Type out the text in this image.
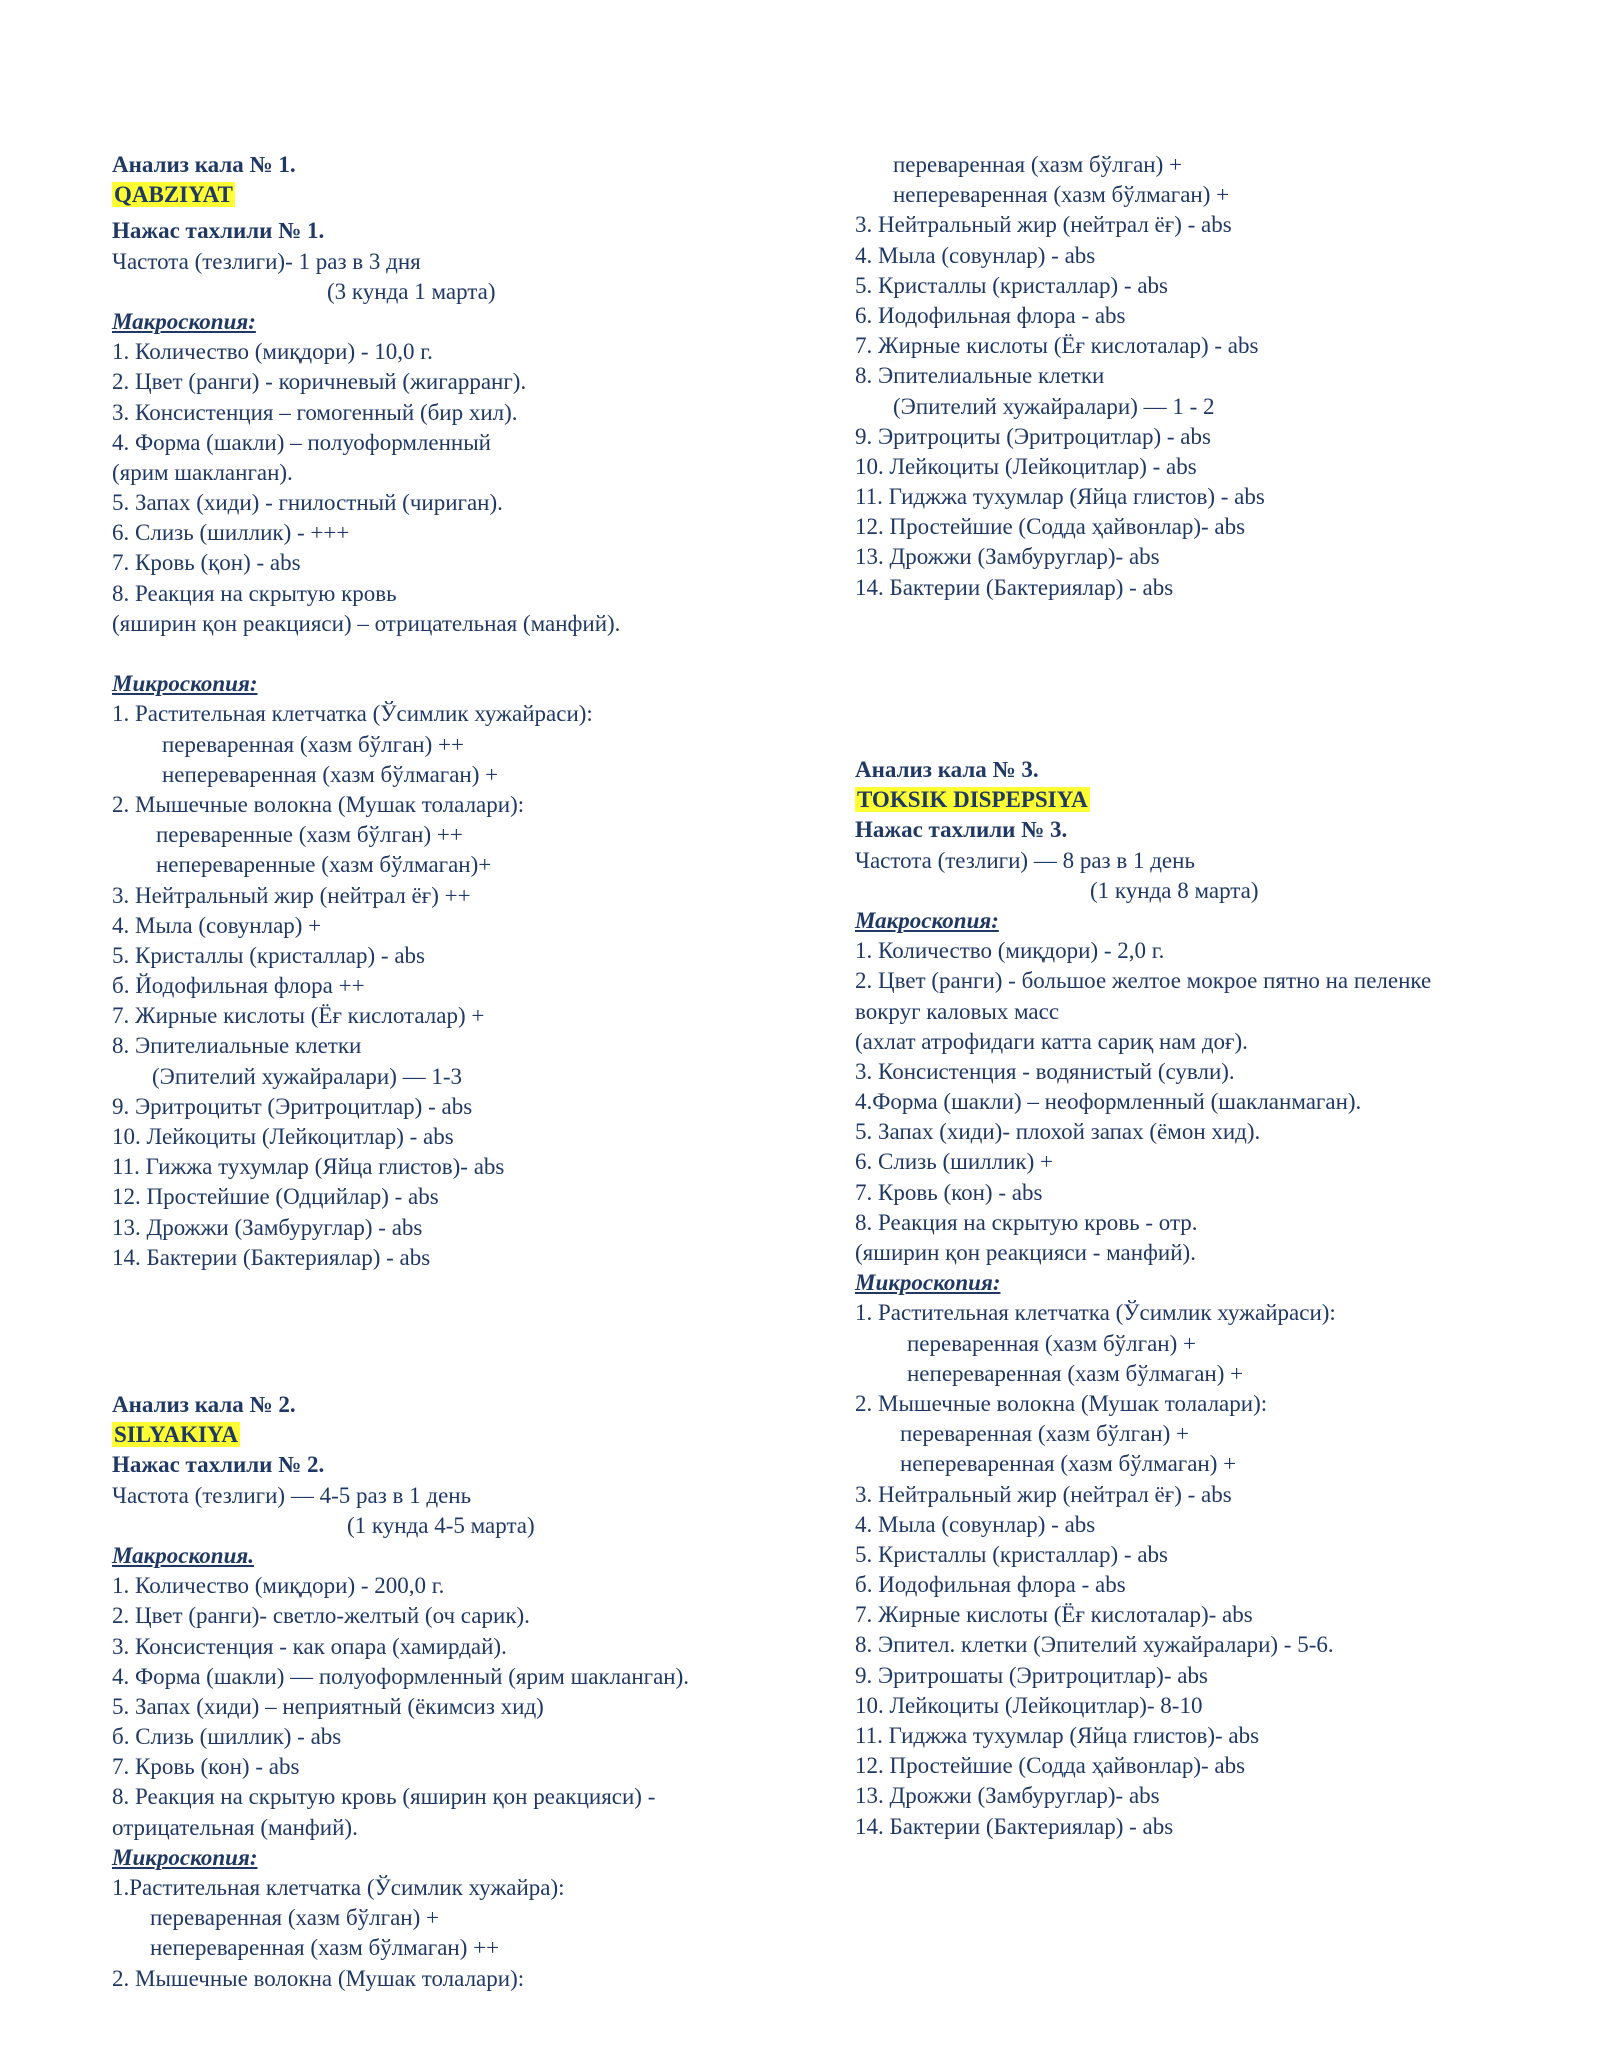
Анализ кала № 1.
QABZIYAT
Нажас тахлили № 1.
Частота (тезлиги)- 1 раз в 3 дня
(3 кунда 1 марта)
Макроскопия:
1. Количество (миқдори) - 10,0 г.
2. Цвет (ранги) - коричневый (жигарранг).
3. Консистенция – гомогенный (бир хил).
4. Форма (шакли) – полуоформленный
(ярим шакланган).
5. Запах (хиди) - гнилостный (чириган).
6. Слизь (шиллик) - +++
7. Кровь (қон) - abs
8. Реакция на скрытую кровь
(яширин қон реакцияси) – отрицательная (манфий).
Микроскопия:
1. Растительная клетчатка (Ўсимлик хужайраси):
переваренная (хазм бўлган) ++
непереваренная (хазм бўлмаган) +
2. Мышечные волокна (Мушак толалари):
переваренные (хазм бўлган) ++
непереваренные (хазм бўлмаган)+
3. Нейтральный жир (нейтрал ёғ) ++
4. Мыла (совунлар) +
5. Кристаллы (кристаллар) - abs
б. Йодофильная флора ++
7. Жирные кислоты (Ёғ кислоталар) +
8. Эпителиальные клетки
(Эпителий хужайралари) — 1-3
9. Эритроцитьт (Эритроцитлар) - abs
10. Лейкоциты (Лейкоцитлар) - abs
11. Гижжа тухумлар (Яйца глистов)- abs
12. Простейшие (Одцийлар) - abs
13. Дрожжи (Замбуруглар) - abs
14. Бактерии (Бактериялар) - abs
Анализ кала № 2.
SILYAKIYA
Нажас тахлили № 2.
Частота (тезлиги) — 4-5 раз в 1 день
(1 кунда 4-5 марта)
Макроскопия.
1. Количество (миқдори) - 200,0 г.
2. Цвет (ранги)- светло-желтый (оч сарик).
3. Консистенция - как опара (хамирдай).
4. Форма (шакли) — полуоформленный (ярим шакланган).
5. Запах (хиди) – неприятный (ёкимсиз хид)
б. Слизь (шиллик) - abs
7. Кровь (кон) - abs
8. Реакция на скрытую кровь (яширин қон реакцияси) -
отрицательная (манфий).
Микроскопия:
1.Растительная клетчатка (Ўсимлик хужайра):
переваренная (хазм бўлган) +
непереваренная (хазм бўлмаган) ++
2. Мышечные волокна (Мушак толалари):
переваренная (хазм бўлган) +
непереваренная (хазм бўлмаган) +
3. Нейтральный жир (нейтрал ёғ) - abs
4. Мыла (совунлар) - abs
5. Кристаллы (кристаллар) - abs
6. Иодофильная флора - abs
7. Жирные кислоты (Ёғ кислоталар) - abs
8. Эпителиальные клетки
(Эпителий хужайралари) — 1 - 2
9. Эритроциты (Эритроцитлар) - abs
10. Лейкоциты (Лейкоцитлар) - abs
11. Гиджжа тухумлар (Яйца глистов) - abs
12. Простейшие (Содда ҳайвонлар)- abs
13. Дрожжи (Замбуруглар)- abs
14. Бактерии (Бактериялар) - abs
Анализ кала № 3.
TOKSIK DISPEPSIYA
Нажас тахлили № 3.
Частота (тезлиги) — 8 раз в 1 день
(1 кунда 8 марта)
Макроскопия:
1. Количество (миқдори) - 2,0 г.
2. Цвет (ранги) - большое желтое мокрое пятно на пеленке
вокруг каловых масс
(ахлат атрофидаги катта сариқ нам доғ).
3. Консистенция - водянистый (сувли).
4.Форма (шакли) – неоформленный (шакланмаган).
5. Запах (хиди)- плохой запах (ёмон хид).
6. Слизь (шиллик) +
7. Кровь (кон) - abs
8. Реакция на скрытую кровь - отр.
(яширин қон реакцияси - манфий).
Микроскопия:
1. Растительная клетчатка (Ўсимлик хужайраси):
переваренная (хазм бўлган) +
непереваренная (хазм бўлмаган) +
2. Мышечные волокна (Мушак толалари):
переваренная (хазм бўлган) +
непереваренная (хазм бўлмаган) +
3. Нейтральный жир (нейтрал ёғ) - abs
4. Мыла (совунлар) - abs
5. Кристаллы (кристаллар) - abs
б. Иодофильная флора - abs
7. Жирные кислоты (Ёғ кислоталар)- abs
8. Эпител. клетки (Эпителий хужайралари) - 5-6.
9. Эритрошаты (Эритроцитлар)- abs
10. Лейкоциты (Лейкоцитлар)- 8-10
11. Гиджжа тухумлар (Яйца глистов)- abs
12. Простейшие (Содда ҳайвонлар)- abs
13. Дрожжи (Замбуруглар)- abs
14. Бактерии (Бактериялар) - abs
